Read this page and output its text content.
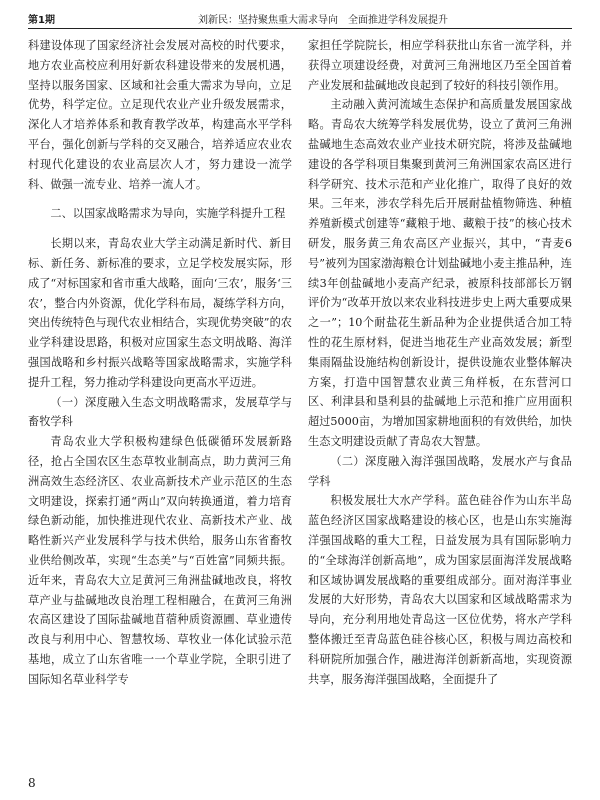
第1期	刘新民：坚持聚焦重大需求导向　全面推进学科发展提升

科建设体现了国家经济社会发展对高校的时代要求，地方农业高校应利用好新农科建设带来的发展机遇，坚持以服务国家、区域和社会重大需求为导向，立足优势，科学定位。立足现代农业产业升级发展需求，深化人才培养体系和教育教学改革，构建高水平学科平台，强化创新与学科的交叉融合，培养适应农业农村现代化建设的农业高层次人才，努力建设一流学科、做强一流专业、培养一流人才。

二、以国家战略需求为导向，实施学科提升工程

长期以来，青岛农业大学主动满足新时代、新目标、新任务、新标准的要求，立足学校发展实际，形成了“对标国家和省市重大战略，面向‘三农’，服务‘三农’，整合内外资源，优化学科布局，凝练学科方向，突出传统特色与现代农业相结合，实现优势突破”的农业学科建设思路，积极对应国家生态文明战略、海洋强国战略和乡村振兴战略等国家战略需求，实施学科提升工程，努力推动学科建设向更高水平迈进。

（一）深度融入生态文明战略需求，发展草学与畜牧学科

青岛农业大学积极构建绿色低碳循环发展新路径，抢占全国农区生态草牧业制高点，助力黄河三角洲高效生态经济区、农业高新技术产业示范区的生态文明建设，探索打通“两山”双向转换通道，着力培育绿色新动能，加快推进现代农业、高新技术产业、战略性新兴产业发展科学与技术供给，服务山东省畜牧业供给侧改革，实现“生态美”与“百姓富”同频共振。近年来，青岛农大立足黄河三角洲盐碱地改良，将牧草产业与盐碱地改良治理工程相融合，在黄河三角洲农高区建设了国际盐碱地苜蓿种质资源圃、草业遗传改良与利用中心、智慧牧场、草牧业一体化试验示范基地，成立了山东省唯一一个草业学院，全职引进了国际知名草业科学专

家担任学院院长，相应学科获批山东省一流学科，并获得立项建设经费，对黄河三角洲地区乃至全国首着产业发展和盐碱地改良起到了较好的科技引领作用。

主动融入黄河流域生态保护和高质量发展国家战略。青岛农大统筹学科发展优势，设立了黄河三角洲盐碱地生态高效农业产业技术研究院，将涉及盐碱地建设的各学科项目集聚到黄河三角洲国家农高区进行科学研究、技术示范和产业化推广，取得了良好的效果。三年来，涉农学科先后开展耐盐植物筛选、种植养殖新模式创建等“藏粮于地、藏粮于技”的核心技术研发，服务黄三角农高区产业振兴，其中，“青麦6号”被列为国家渤海粮仓计划盐碱地小麦主推品种，连续3年创盐碱地小麦高产纪录，被原科技部部长万钢评价为“改革开放以来农业科技进步史上两大重要成果之一”；10个耐盐花生新品种为企业提供适合加工特性的花生原材料，促进当地花生产业高效发展；新型集雨隔盐设施结构创新设计，提供设施农业整体解决方案，打造中国智慧农业黄三角样板，在东营河口区、利津县和垦利县的盐碱地上示范和推广应用面积超过5000亩，为增加国家耕地面积的有效供给，加快生态文明建设贡献了青岛农大智慧。

（二）深度融入海洋强国战略，发展水产与食品学科

积极发展壮大水产学科。蓝色硅谷作为山东半岛蓝色经济区国家战略建设的核心区，也是山东实施海洋强国战略的重大工程，日益发展为具有国际影响力的“全球海洋创新高地”，成为国家层面海洋发展战略和区域协调发展战略的重要组成部分。面对海洋事业发展的大好形势，青岛农大以国家和区域战略需求为导向，充分利用地处青岛这一区位优势，将水产学科整体搬迁至青岛蓝色硅谷核心区，积极与周边高校和科研院所加强合作，融进海洋创新新高地，实现资源共享，服务海洋强国战略，全面提升了

8
